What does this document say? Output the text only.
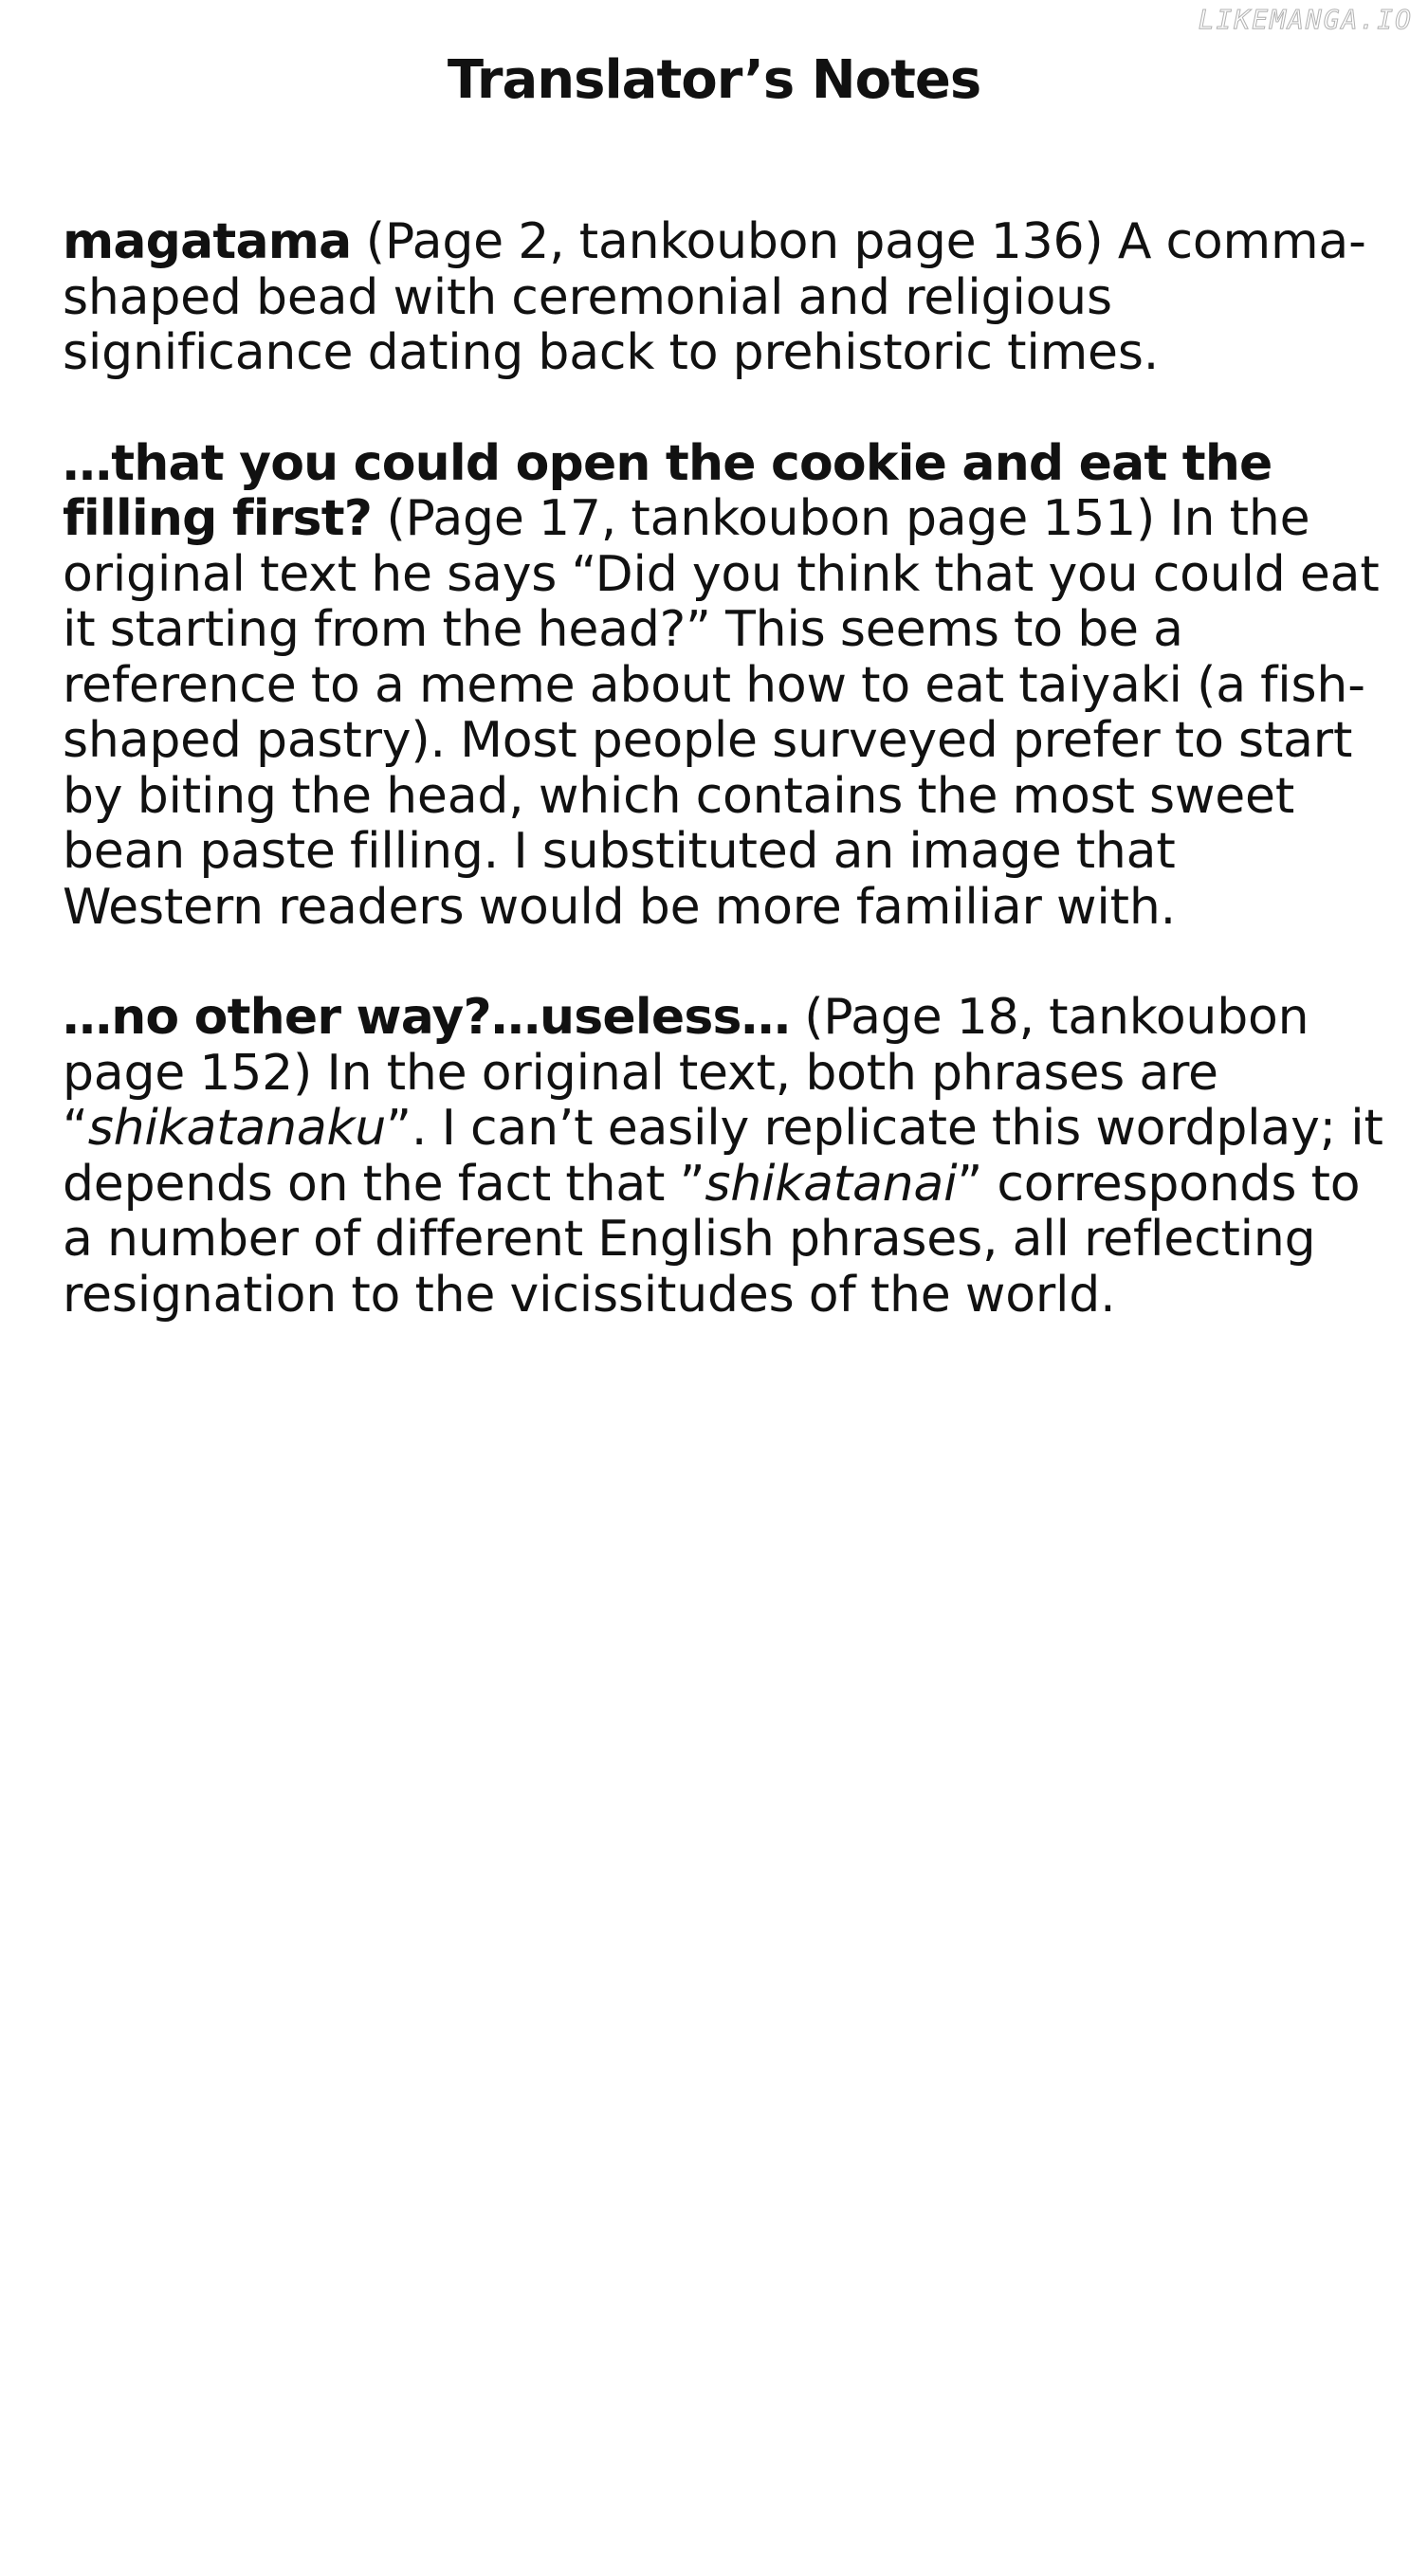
LIKEMANGA.IO
Translator’s Notes

magatama (Page 2, tankoubon page 136) A comma-shaped bead with ceremonial and religious significance dating back to prehistoric times.

…that you could open the cookie and eat the filling first? (Page 17, tankoubon page 151) In the original text he says “Did you think that you could eat it starting from the head?” This seems to be a reference to a meme about how to eat taiyaki (a fish-shaped pastry). Most people surveyed prefer to start by biting the head, which contains the most sweet bean paste filling. I substituted an image that Western readers would be more familiar with.

…no other way?…useless… (Page 18, tankoubon page 152) In the original text, both phrases are “shikatanaku”. I can’t easily replicate this wordplay; it depends on the fact that ”shikatanai” corresponds to a number of different English phrases, all reflecting resignation to the vicissitudes of the world.
